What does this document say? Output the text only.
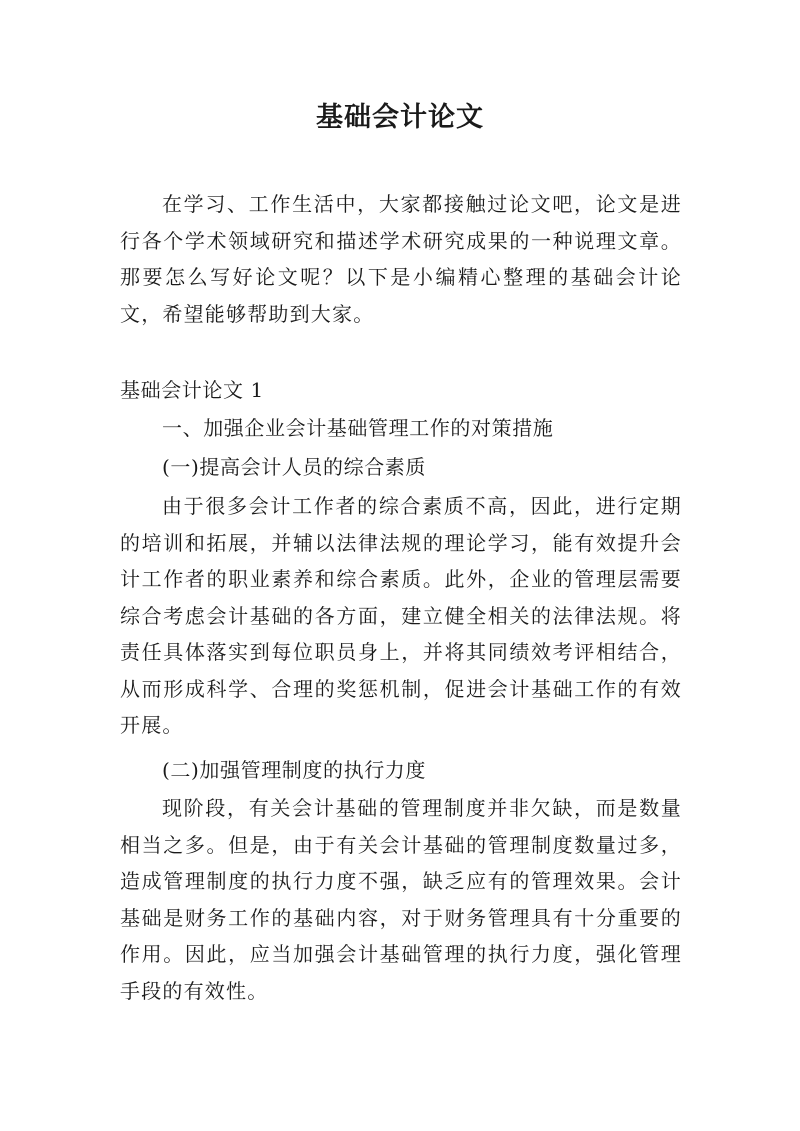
基础会计论文

在学习、工作生活中，大家都接触过论文吧，论文是进行各个学术领域研究和描述学术研究成果的一种说理文章。那要怎么写好论文呢？以下是小编精心整理的基础会计论文，希望能够帮助到大家。

基础会计论文 1
一、加强企业会计基础管理工作的对策措施
(一)提高会计人员的综合素质

由于很多会计工作者的综合素质不高，因此，进行定期的培训和拓展，并辅以法律法规的理论学习，能有效提升会计工作者的职业素养和综合素质。此外，企业的管理层需要综合考虑会计基础的各方面，建立健全相关的法律法规。将责任具体落实到每位职员身上，并将其同绩效考评相结合，从而形成科学、合理的奖惩机制，促进会计基础工作的有效开展。

(二)加强管理制度的执行力度

现阶段，有关会计基础的管理制度并非欠缺，而是数量相当之多。但是，由于有关会计基础的管理制度数量过多，造成管理制度的执行力度不强，缺乏应有的管理效果。会计基础是财务工作的基础内容，对于财务管理具有十分重要的作用。因此，应当加强会计基础管理的执行力度，强化管理手段的有效性。
